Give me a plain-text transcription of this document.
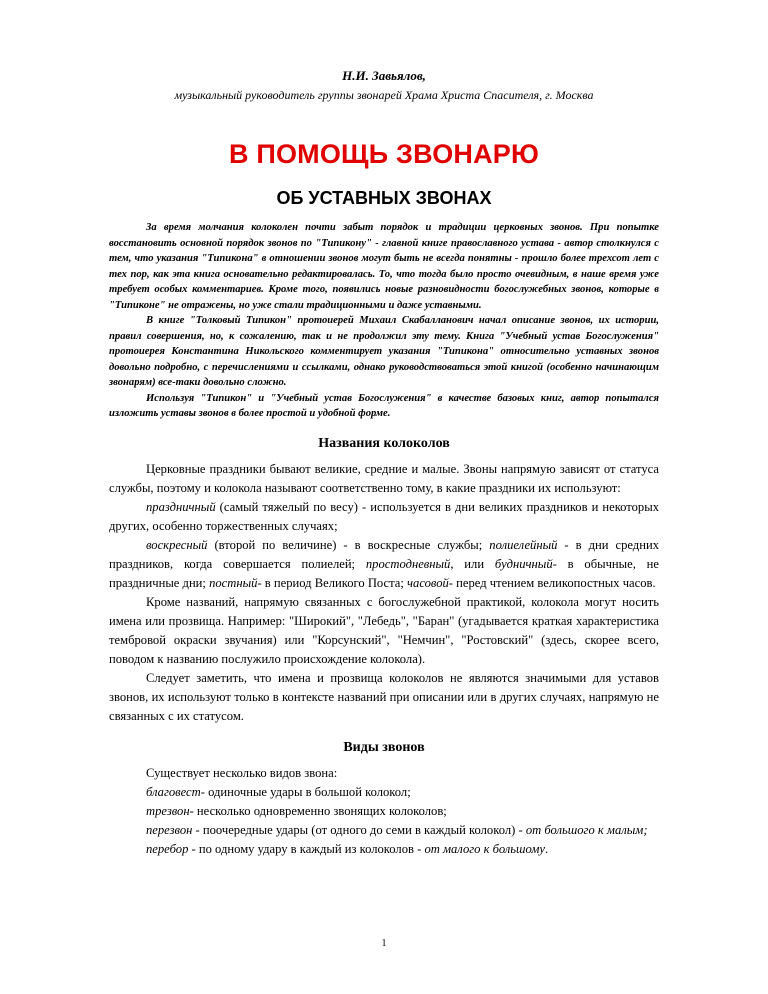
Н.И. Завьялов,

музыкальный руководитель группы звонарей Храма Христа Спасителя, г. Москва

В ПОМОЩЬ ЗВОНАРЮ
ОБ УСТАВНЫХ ЗВОНАХ

За время молчания колоколен почти забыт порядок и традиции церковных звонов. При попытке восстановить основной порядок звонов по "Типикону" - главной книге православного устава - автор столкнулся с тем, что указания "Типикона" в отношении звонов могут быть не всегда понятны - прошло более трехсот лет с тех пор, как эта книга основательно редактировалась. То, что тогда было просто очевидным, в наше время уже требует особых комментариев. Кроме того, появились новые разновидности богослужебных звонов, которые в "Типиконе" не отражены, но уже стали традиционными и даже уставными.

В книге "Толковый Типикон" протоиерей Михаил Скабалланович начал описание звонов, их истории, правил совершения, но, к сожалению, так и не продолжил эту тему. Книга "Учебный устав Богослужения" протоиерея Константина Никольского комментирует указания "Типикона" относительно уставных звонов довольно подробно, с перечислениями и ссылками, однако руководствоваться этой книгой (особенно начинающим звонарям) все-таки довольно сложно.

Используя "Типикон" и "Учебный устав Богослужения" в качестве базовых книг, автор попытался изложить уставы звонов в более простой и удобной форме.

Названия колоколов

Церковные праздники бывают великие, средние и малые. Звоны напрямую зависят от статуса службы, поэтому и колокола называют соответственно тому, в какие праздники их используют:

праздничный (самый тяжелый по весу) - используется в дни великих праздников и некоторых других, особенно торжественных случаях;

воскресный (второй по величине) - в воскресные службы; полиелейный - в дни средних праздников, когда совершается полиелей; простодневный, или будничный- в обычные, не праздничные дни; постный- в период Великого Поста; часовой- перед чтением великопостных часов.

Кроме названий, напрямую связанных с богослужебной практикой, колокола могут носить имена или прозвища. Например: "Широкий", "Лебедь", "Баран" (угадывается краткая характеристика тембровой окраски звучания) или "Корсунский", "Немчин", "Ростовский" (здесь, скорее всего, поводом к названию послужило происхождение колокола).

Следует заметить, что имена и прозвища колоколов не являются значимыми для уставов звонов, их используют только в контексте названий при описании или в других случаях, напрямую не связанных с их статусом.

Виды звонов

Существует несколько видов звона:

благовест- одиночные удары в большой колокол;

трезвон- несколько одновременно звонящих колоколов;

перезвон - поочередные удары (от одного до семи в каждый колокол) - от большого к малым;

перебор - по одному удару в каждый из колоколов - от малого к большому.

1
